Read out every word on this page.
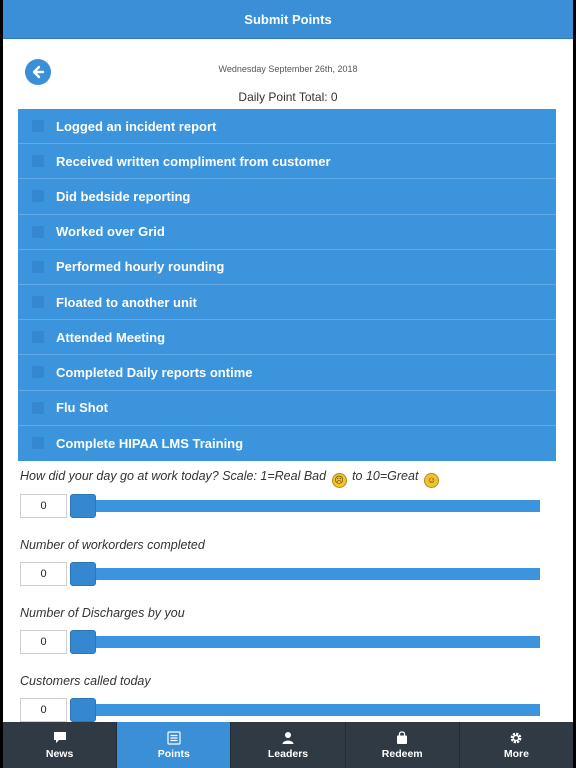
Submit Points
Wednesday September 26th, 2018
Daily Point Total: 0
Logged an incident report
Received written compliment from customer
Did bedside reporting
Worked over Grid
Performed hourly rounding
Floated to another unit
Attended Meeting
Completed Daily reports ontime
Flu Shot
Complete HIPAA LMS Training
How did your day go at work today? Scale: 1=Real Bad ☹ to 10=Great ☺
0
Number of workorders completed
0
Number of Discharges by you
0
Customers called today
0
News	Points	Leaders	Redeem	More
